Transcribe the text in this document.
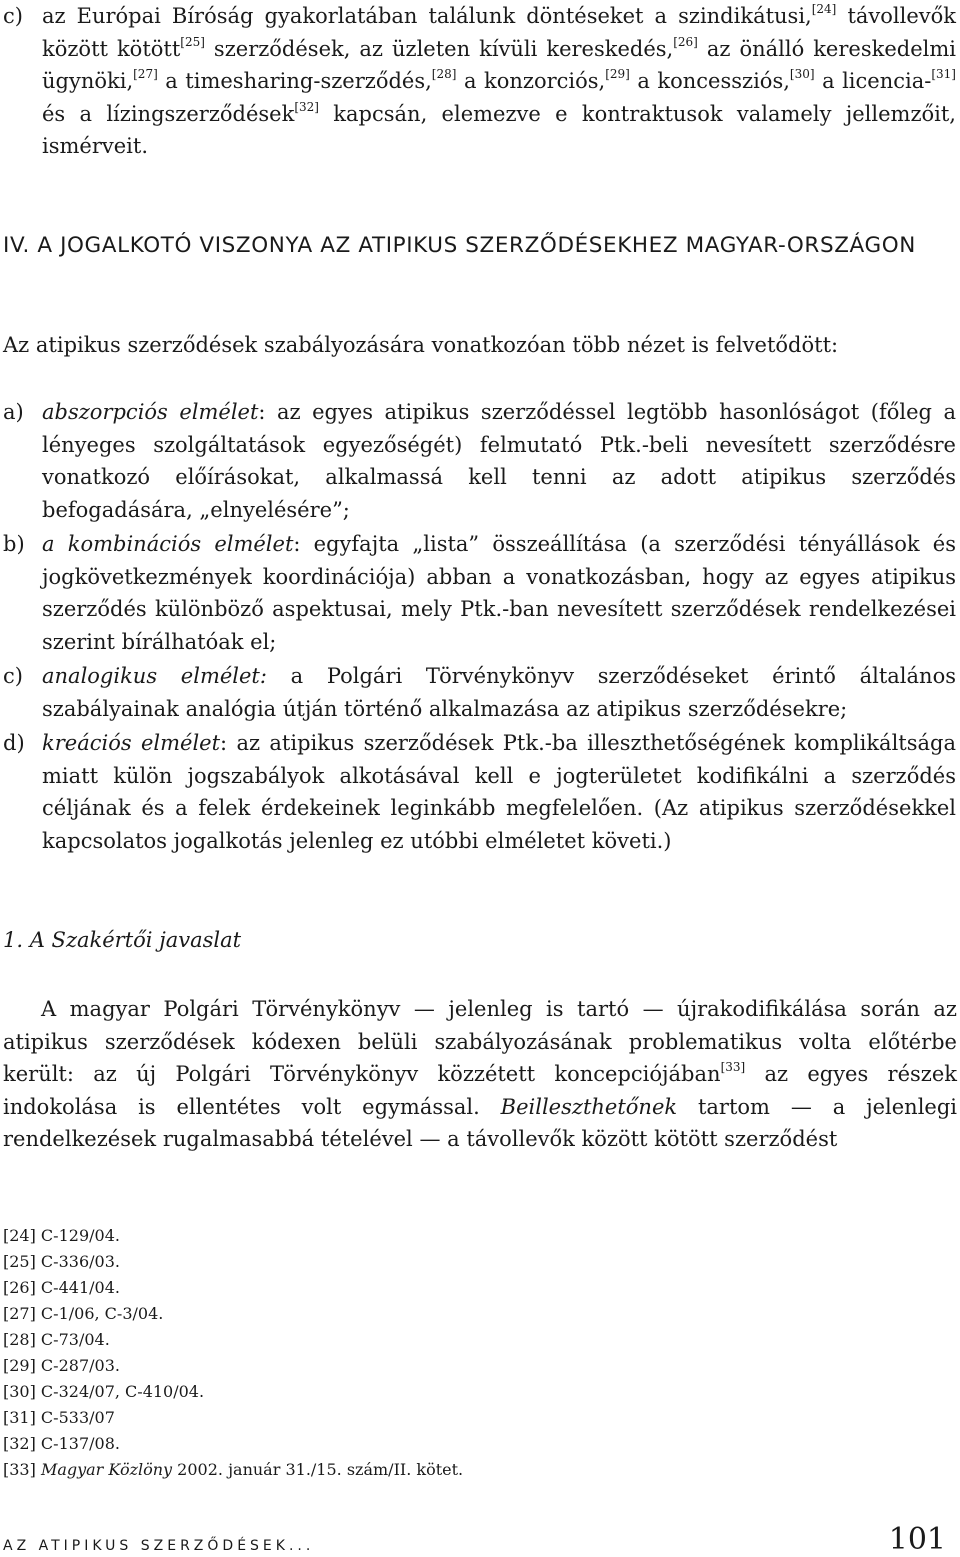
c) az Európai Bíróság gyakorlatában találunk döntéseket a szindikátusi,[24] távollevők között kötött[25] szerződések, az üzleten kívüli kereskedés,[26] az önálló kereskedelmi ügynöki,[27] a timesharing-szerződés,[28] a konzorciós,[29] a koncessziós,[30] a licencia-[31] és a lízingszerződések[32] kapcsán, elemezve e kontraktusok valamely jellemzőit, ismérveit.
IV. A JOGALKOTÓ VISZONYA AZ ATIPIKUS SZERZŐDÉSEKHEZ MAGYAR-ORSZÁGON
Az atipikus szerződések szabályozására vonatkozóan több nézet is felvetődött:
a) abszorpciós elmélet: az egyes atipikus szerződéssel legtöbb hasonlóságot (főleg a lényeges szolgáltatások egyezőségét) felmutató Ptk.-beli nevesített szerződésre vonatkozó előírásokat, alkalmassá kell tenni az adott atipikus szerződés befogadására, „elnyelésére”;
b) a kombinációs elmélet: egyfajta „lista” összeállítása (a szerződési tényállások és jogkövetkezmények koordinációja) abban a vonatkozásban, hogy az egyes atipikus szerződés különböző aspektusai, mely Ptk.-ban nevesített szerződések rendelkezései szerint bírálhatóak el;
c) analogikus elmélet: a Polgári Törvénykönyv szerződéseket érintő általános szabályainak analógia útján történő alkalmazása az atipikus szerződésekre;
d) kreációs elmélet: az atipikus szerződések Ptk.-ba illeszthetőségének komplikáltsága miatt külön jogszabályok alkotásával kell e jogterületet kodifikálni a szerződés céljának és a felek érdekeinek leginkább megfelelően. (Az atipikus szerződésekkel kapcsolatos jogalkotás jelenleg ez utóbbi elméletet követi.)
1. A Szakértői javaslat
A magyar Polgári Törvénykönyv — jelenleg is tartó — újrakodifikálása során az atipikus szerződések kódexen belüli szabályozásának problematikus volta előtérbe került: az új Polgári Törvénykönyv közzétett koncepciójában[33] az egyes részek indokolása is ellentétes volt egymással. Beilleszthetőnek tartom — a jelenlegi rendelkezések rugalmasabbá tételével — a távollevők között kötött szerződést
[24] C-129/04.
[25] C-336/03.
[26] C-441/04.
[27] C-1/06, C-3/04.
[28] C-73/04.
[29] C-287/03.
[30] C-324/07, C-410/04.
[31] C-533/07
[32] C-137/08.
[33] Magyar Közlöny 2002. január 31./15. szám/II. kötet.
AZ ATIPIKUS SZERZŐDÉSEK...	101
